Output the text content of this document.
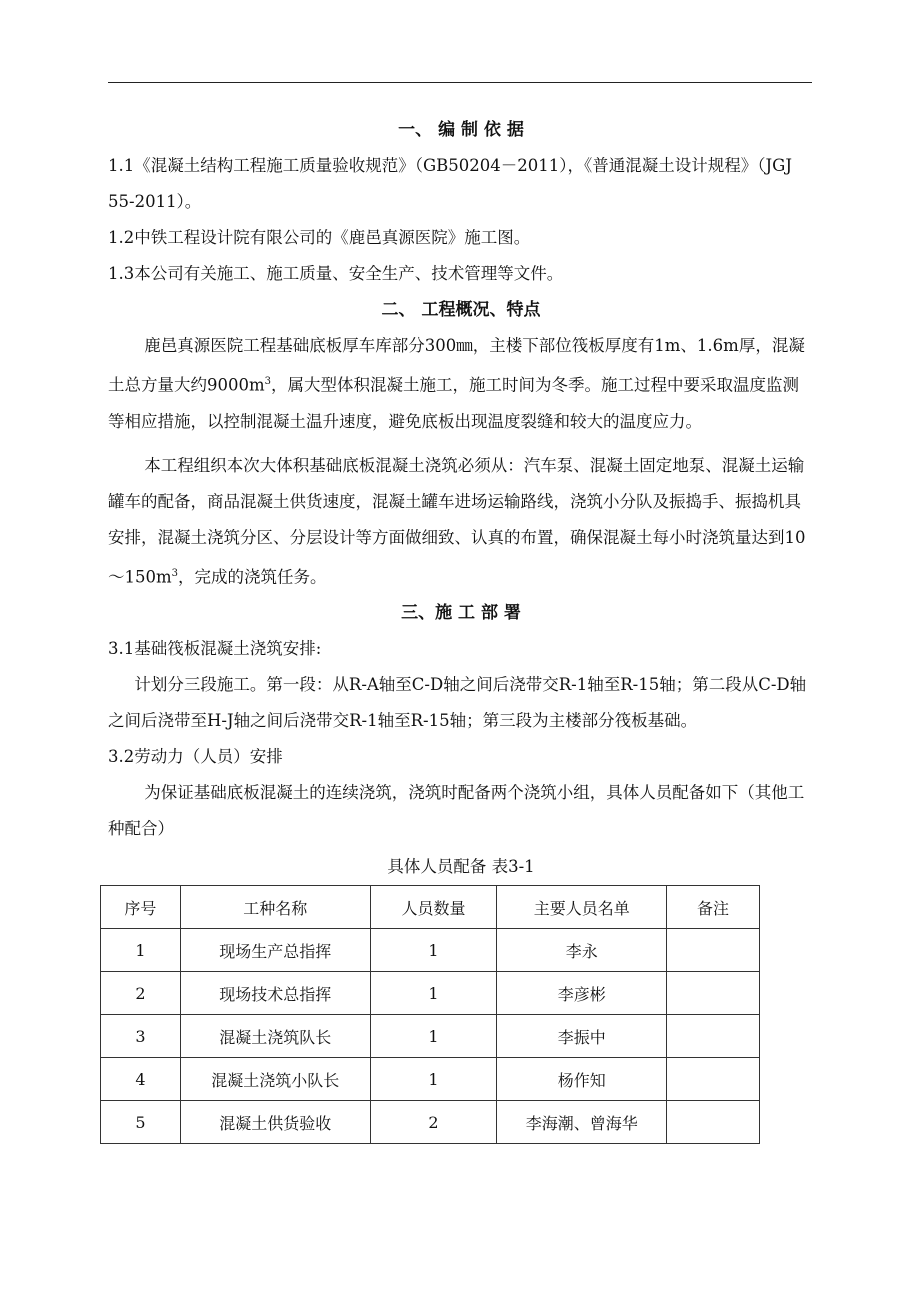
一、 编 制 依 据
1.1《混凝土结构工程施工质量验收规范》（GB50204－2011），《普通混凝土设计规程》（JGJ 55-2011）。
1.2中铁工程设计院有限公司的《鹿邑真源医院》施工图。
1.3本公司有关施工、施工质量、安全生产、技术管理等文件。
二、 工程概况、特点
鹿邑真源医院工程基础底板厚车库部分300㎜，主楼下部位筏板厚度有1m、1.6m厚，混凝土总方量大约$9000m^3$，属大型体积混凝土施工，施工时间为冬季。施工过程中要采取温度监测等相应措施，以控制混凝土温升速度，避免底板出现温度裂缝和较大的温度应力。
本工程组织本次大体积基础底板混凝土浇筑必须从：汽车泵、混凝土固定地泵、混凝土运输罐车的配备，商品混凝土供货速度，混凝土罐车进场运输路线，浇筑小分队及振捣手、振捣机具安排，混凝土浇筑分区、分层设计等方面做细致、认真的布置，确保混凝土每小时浇筑量达到$10\sim 150m^3$，完成的浇筑任务。
三、施 工 部 署
3.1基础筏板混凝土浇筑安排:
计划分三段施工。第一段：从R-A轴至C-D轴之间后浇带交R-1轴至R-15轴；第二段从C-D轴之间后浇带至H-J轴之间后浇带交R-1轴至R-15轴；第三段为主楼部分筏板基础。
3.2劳动力（人员）安排
为保证基础底板混凝土的连续浇筑，浇筑时配备两个浇筑小组，具体人员配备如下（其他工种配合）
具体人员配备 表3-1
序号	工种名称	人员数量	主要人员名单	备注
1	现场生产总指挥	1	李永	
2	现场技术总指挥	1	李彦彬	
3	混凝土浇筑队长	1	李振中	
4	混凝土浇筑小队长	1	杨作知	
5	混凝土供货验收	2	李海潮、曾海华	
